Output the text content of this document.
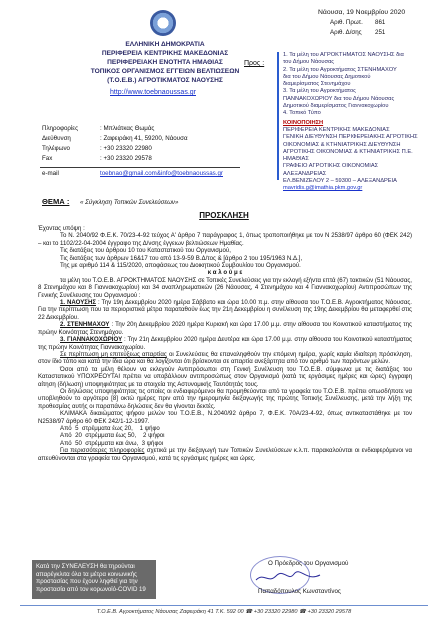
ΕΛΛΗΝΙΚΗ ΔΗΜΟΚΡΑΤΙΑ
ΠΕΡΙΦΕΡΕΙΑ ΚΕΝΤΡΙΚΗΣ ΜΑΚΕΔΟΝΙΑΣ
ΠΕΡΙΦΕΡΕΙΑΚΗ ΕΝΟΤΗΤΑ ΗΜΑΘΙΑΣ
ΤΟΠΙΚΟΣ ΟΡΓΑΝΙΣΜΟΣ ΕΓΓΕΙΩΝ ΒΕΛΤΙΩΣΕΩΝ
(Τ.Ο.Ε.Β.) ΑΓΡΟΤΙΚΜΑΤΟΣ ΝΑΟΥΣΗΣ
http://www.toebnaoussas.gr
Πληροφορίες	: Μπλιάτκας Θωμάς
Διεύθυνση	: Ζαφειράκη 41, 59200, Νάουσα
Τηλέφωνο	: +30 23320 22980
Fax	: +30 23320 29578
e-mail	toebnao@gmail.com&info@toebnaoussas.gr
Νάουσα, 19 Νοεμβρίου 2020
Αριθ. Πρωτ. 861
Αριθ. Δ/σης 251
Προς :
1. Τα μέλη του ΑΓΡΟΚΤΗΜΑΤΟΣ ΝΑΟΥΣΗΣ δια
του Δήμου Νάουσας
2. Τα μέλη του Αγροκτήματος ΣΤΕΝΗΜΑΧΟΥ
δια του Δήμου Νάουσας Δημοτικού
διαμερίσματος Στενημάχου
3. Τα μέλη του Αγροκτήματος
ΠΑΝΝΑΚΟΧΩΡΙΟΥ δια του Δήμου Νάουσας
Δημοτικού διαμερίσματος Γιαννακοχωρίου
4. Τοπικό Τύπο
ΚΟΙΝΟΠΟΙΗΣΗ
ΠΕΡΙΦΕΡΕΙΑ ΚΕΝΤΡΙΚΗΣ ΜΑΚΕΔΟΝΙΑΣ
ΓΕΝΙΚΗ ΔΙΕΥΘΥΝΣΗ ΠΕΡΙΦΕΡΕΙΑΚΗΣ ΑΓΡΟΤΙΚΗΣ
ΟΙΚΟΝΟΜΙΑΣ & ΚΤΗΝΙΑΤΡΙΚΗΣ ΔΙΕΥΘΥΝΣΗ
ΑΓΡΟΤΙΚΗΣ ΟΙΚΟΝΟΜΙΑΣ & ΚΤΗΝΙΑΤΡΙΚΗΣ Π.Ε.
ΗΜΑΘΙΑΣ
ΓΡΑΦΕΙΟ ΑΓΡΟΤΙΚΗΣ ΟΙΚΟΝΟΜΙΑΣ
ΑΛΕΞΑΝΔΡΕΙΑΣ
ΕΛ.ΒΕΝΙΖΕΛΟΥ 2 – 59300 – ΑΛΕΞΑΝΔΡΕΙΑ
mavridis.g@imathia.pkm.gov.gr
ΘΕΜΑ : « Σύγκληση Τοπικών Συνελεύσεων»
ΠΡΟΣΚΛΗΣΗ
Έχοντας υπόψη :
Το Ν. 2040/92 Φ.Ε.Κ. 70/23-4-92 τεύχος Α' άρθρο 7 παράγραφος 1, όπως τροποποιήθηκε με τον Ν 2538/97 άρθρο 60 (ΦΕΚ 242) – και το 1102/22-04-2004 έγγραφο της Δ/νσης έγγειων βελτιώσεων Ημαθίας.
Τις διατάξεις του άρθρου 10 του Καταστατικού του Οργανισμού,
Τις διατάξεις των άρθρων 16&17 του από 13-9-59 Β.Δ/τος & [άρθρο 2 του 195/1963 Ν.Δ.],
Της με αριθμό 114 & 115/2020, αποφάσεως του Διοικητικού Συμβουλίου του Οργανισμού.
κ α λ ο ύ μ ε
τα μέλη του Τ.Ο.Ε.Β. ΑΓΡΟΚΤΗΜΑΤΟΣ ΝΑΟΥΣΗΣ σε Τοπικές Συνελεύσεις για την εκλογή εξήντα επτά (67) τακτικών (51 Νάουσας, 8 Στενημάχου και 8 Γιαννακοχωρίου) και 34 αναπληρωματικών (26 Νάουσας, 4 Στενημάχου και 4 Γιαννακοχωρίου) Αντιπροσώπων της Γενικής Συνέλευσης του Οργανισμού :
1. ΝΑΟΥΣΗΣ : Την 19η Δεκεμβρίου 2020 ημέρα Σάββατο και ώρα 10.00 π.μ. στην αίθουσα του Τ.Ο.Ε.Β. Αγροκτήματος Νάουσας. Για την περίπτωση που τα περιοριστικά μέτρα παραταθούν έως την 21η Δεκεμβρίου η συνέλευση της 19ης Δεκεμβρίου θα μεταφερθεί στις 22 Δεκεμβρίου.
2. ΣΤΕΝΗΜΑΧΟΥ : Την 20η Δεκεμβρίου 2020 ημέρα Κυριακή και ώρα 17.00 μ.μ. στην αίθουσα του Κοινοτικού καταστήματος της πρώην Κοινότητας Στενημάχου.
3. ΓΙΑΝΝΑΚΟΧΩΡΙΟΥ : Την 21η Δεκεμβρίου 2020 ημέρα Δευτέρα και ώρα 17.00 μ.μ. στην αίθουσα του Κοινοτικού καταστήματος της πρώην Κοινότητας Γιαννακοχωρίου.
Σε περίπτωση μη επιτεύξεως απαρτίας οι Συνελεύσεις θα επαναληφθούν την επόμενη ημέρα, χωρίς καμία ιδιαίτερη πρόσκληση, στον ίδιο τόπο και κατά την ίδια ώρα και θα λογίζονται ότι βρίσκονται σε απαρτία ανεξάρτητα από τον αριθμό των παρόντων μελών.
Όσοι από τα μέλη θέλουν να εκλεγούν Αντιπρόσωποι στη Γενική Συνέλευση του Τ.Ο.Ε.Β. σύμφωνα με τις διατάξεις του Καταστατικού ΥΠΟΧΡΕΟΥΤΑΙ πρέπει να υποβάλλουν αντιπροσώπως στον Οργανισμό (κατά τις εργάσιμες ημέρες και ώρες) έγγραφη αίτηση (δήλωση) υποψηφιότητας με τα στοιχεία της Αστυνομικής Ταυτότητάς τους.
Οι δηλώσεις υποψηφιότητας τις οποίες οι ενδιαφερόμενοι θα προμηθεύονται από τα γραφεία του Τ.Ο.Ε.Β. πρέπει οπωσδήποτε να υποβληθούν το αργότερο [8] οκτώ ημέρες πριν από την ημερομηνία διεξαγωγής της πρώτης Τοπικής Συνέλευσης, μετά την λήξη της προθεσμίας αυτής οι παραπάνω δηλώσεις δεν θα γίνονται δεκτές.
ΚΛΙΜΑΚΑ δικαιώματος ψήφου μελών του Τ.Ο.Ε.Β., Ν.2040/92 άρθρο 7, Φ.Ε.Κ. 70Α/23-4-92, όπως αντικαταστάθηκε με τον Ν2538/97 άρθρο 60 ΦΕΚ 242/1-12-1997.
Από 5 στρέμματα έως 20, 1 ψήφο
Από 20 στρέμματα έως 50, 2 ψήφοι
Από 50 στρέμματα και άνω, 3 ψήφοι
Για περισσότερες πληροφορίες σχετικά με την διεξαγωγή των Τοπικών Συνελεύσεων κ.λ.π. παρακαλούνται οι ενδιαφερόμενοι να απευθύνονται στα γραφεία του Οργανισμού, κατά τις εργάσιμες ημέρες και ώρες.
Κατά την ΣΥΝΕΛΕΥΣΗ θα τηρούνται απαρέγκλιτα όλα τα μέτρα κοινωνικής προστασίας που έχουν ληφθεί για την προστασία από τον κορωνοϊό-COVID 19
Ο Πρόεδρος του Οργανισμού
Παπαδόπουλος Κωνσταντίνος
Τ.Ο.Ε.Β. Αγροκτήματος Νάουσας Ζαφειράκη 41 Τ.Κ. 592 00 ☎ +30 23320 22980 ☎ +30 23320 29578
